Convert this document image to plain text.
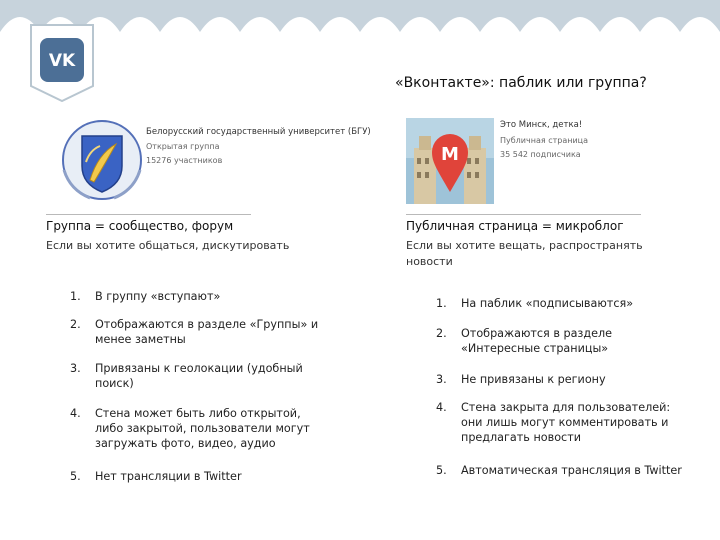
VK
«Вконтакте»: паблик или группа?
Белорусский государственный университет (БГУ)
Открытая группа
15276 участников	M
Это Минск, детка!
Публичная страница
35 542 подписчика
Группа = сообщество, форум
Если вы хотите общаться, дискутировать
1.	В группу «вступают»
2.	Отображаются в разделе «Группы» и менее заметны
3.	Привязаны к геолокации (удобный поиск)
4.	Стена может быть либо открытой, либо закрытой, пользователи могут загружать фото, видео, аудио
5.	Нет трансляции в Twitter
Публичная страница = микроблог
Если вы хотите вещать, распространять новости
1.	На паблик «подписываются»
2.	Отображаются в разделе «Интересные страницы»
3.	Не привязаны к региону
4.	Стена закрыта для пользователей: они лишь могут комментировать и предлагать новости
5.	Автоматическая трансляция в Twitter
